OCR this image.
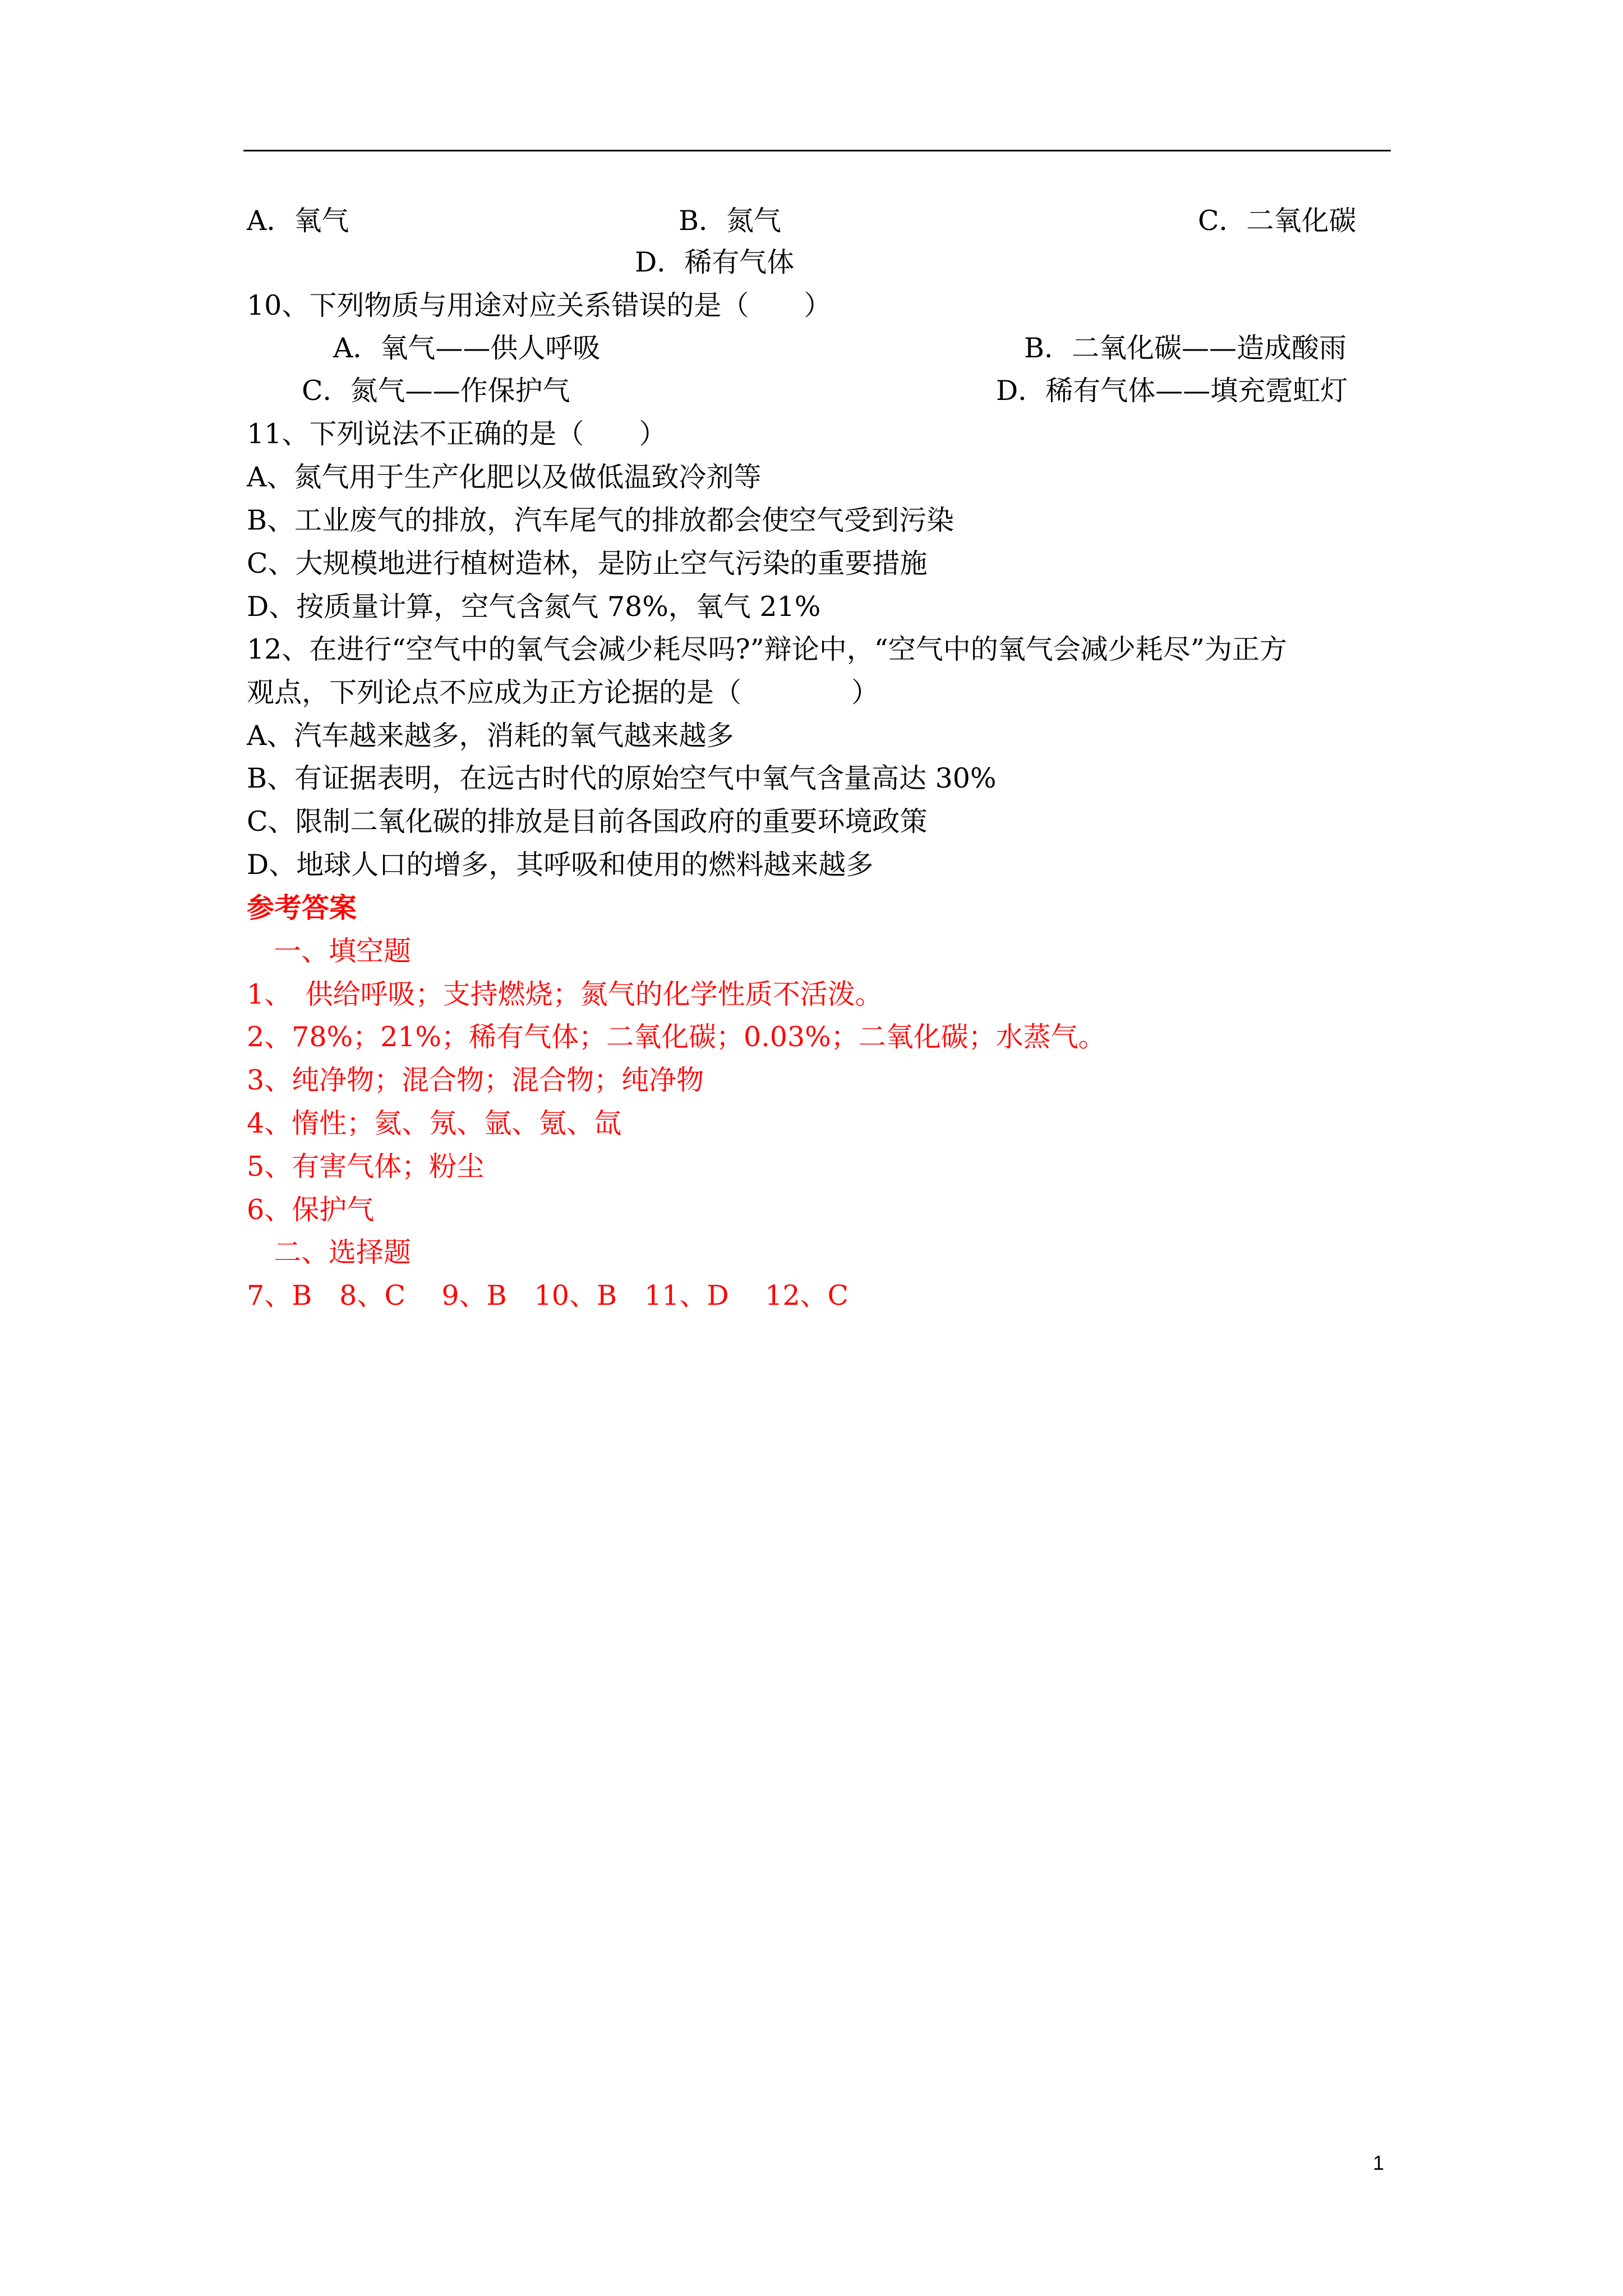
A．氧气	B．氮气	C．二氧化碳
D．稀有气体
10、下列物质与用途对应关系错误的是（　　）
A．氧气——供人呼吸	B．二氧化碳——造成酸雨
C．氮气——作保护气	D．稀有气体——填充霓虹灯
11、下列说法不正确的是（　　）
A、氮气用于生产化肥以及做低温致冷剂等
B、工业废气的排放，汽车尾气的排放都会使空气受到污染
C、大规模地进行植树造林，是防止空气污染的重要措施
D、按质量计算，空气含氮气 78%，氧气 21%
12、在进行“空气中的氧气会减少耗尽吗?”辩论中，“空气中的氧气会减少耗尽”为正方
观点，下列论点不应成为正方论据的是（　　　　）
A、汽车越来越多，消耗的氧气越来越多
B、有证据表明，在远古时代的原始空气中氧气含量高达 30%
C、限制二氧化碳的排放是目前各国政府的重要环境政策
D、地球人口的增多，其呼吸和使用的燃料越来越多
参考答案
一、填空题
1、　供给呼吸；支持燃烧；氮气的化学性质不活泼。
2、78%；21%；稀有气体；二氧化碳；0.03%；二氧化碳；水蒸气。
3、纯净物；混合物；混合物；纯净物
4、惰性；氦、氖、氩、氪、氙
5、有害气体；粉尘
6、保护气
二、选择题
7、B　8、C　 9、B　10、B　11、D　 12、C
1
